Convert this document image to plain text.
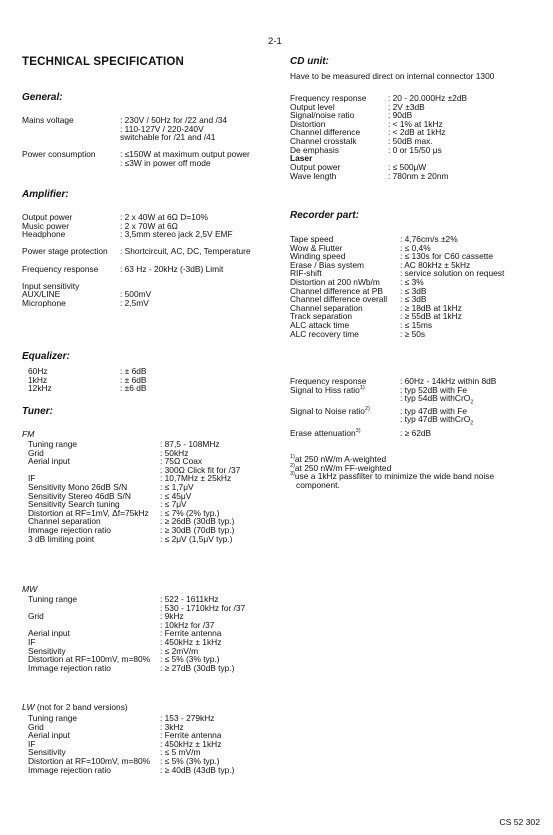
2-1
TECHNICAL SPECIFICATION
General:
Mains voltage	: 230V / 50Hz for /22 and /34
: 110-127V / 220-240V
switchable for /21 and /41
Power consumption	: ≤150W at maximum output power
: ≤3W in power off mode
Amplifier:
Output power	: 2 x 40W at 6Ω D=10%
Music power	: 2 x 70W at 6Ω
Headphone	: 3,5mm stereo jack 2,5V EMF
Power stage protection : Shortcircuit, AC, DC, Temperature
Frequency response	: 63 Hz - 20kHz (-3dB) Limit
Input sensitivity
AUX/LINE	: 500mV
Microphone	: 2,5mV
Equalizer:
60Hz	: ± 6dB
1kHz	: ± 6dB
12kHz	: ±6 dB
Tuner:
FM
Tuning range	: 87,5 - 108MHz
Grid	: 50kHz
Aerial input	: 75Ω Coax
: 300Ω Click fit for /37
IF	: 10,7MHz ± 25kHz
Sensitivity Mono 26dB S/N	: ≤ 1,7μV
Sensitivity Stereo 46dB S/N	: ≤ 45μV
Sensitivity Search tuning	: ≤ 7μV
Distortion at RF=1mV, Δf=75kHz : ≤ 7% (2% typ.)
Channel separation	: ≥ 26dB (30dB typ.)
Immage rejection ratio	: ≥ 30dB (70dB typ.)
3 dB limiting point	: ≤ 2μV (1,5μV typ.)
MW
Tuning range	: 522 - 1611kHz
: 530 - 1710kHz for /37
Grid	: 9kHz
: 10kHz for /37
Aerial input	: Ferrite antenna
IF	: 450kHz ± 1kHz
Sensitivity	: ≤ 2mV/m
Distortion at RF=100mV, m=80% : ≤ 5% (3% typ.)
Immage rejection ratio	: ≥ 27dB (30dB typ.)
LW (not for 2 band versions)
Tuning range	: 153 - 279kHz
Grid	: 3kHz
Aerial input	: Ferrite antenna
IF	: 450kHz ± 1kHz
Sensitivity	: ≤ 5 mV/m
Distortion at RF=100mV, m=80% : ≤ 5% (3% typ.)
Immage rejection ratio	: ≥ 40dB (43dB typ.)
CD unit:
Have to be measured direct on internal connector 1300
Frequency response	: 20 - 20.000Hz ±2dB
Output level	: 2V ±3dB
Signal/noise ratio	: 90dB
Distortion	: < 1% at 1kHz
Channel difference	: < 2dB at 1kHz
Channel crosstalk	: 50dB max.
De emphasis	: 0 or 15/50 μs
Laser
Output power	: ≤ 500μW
Wave length	: 780nm ± 20nm
Recorder part:
Tape speed	: 4,76cm/s ±2%
Wow & Flutter	: ≤ 0,4%
Winding speed	: ≤ 130s for C60 cassette
Erase / Bias system	: AC 80kHz ± 5kHz
RIF-shift	: service solution on request
Distortion at 200 nWb/m : ≤ 3%
Channel difference at PB : ≤ 3dB
Channel difference overall : ≤ 3dB
Channel separation	: ≥ 18dB at 1kHz
Track separation	: ≥ 55dB at 1kHz
ALC attack time	: ≤ 15ms
ALC recovery time	: ≥ 50s
Frequency response	: 60Hz - 14kHz within 8dB
Signal to Hiss ratio$^{1)}$	: typ 52dB with Fe
: typ 54dB withCrO$_2$
Signal to Noise ratio$^{2)}$	: typ 47dB with Fe
: typ 47dB withCrO$_2$
Erase attenuation$^{3)}$	: ≥ 62dB
$^{1)}$at 250 nW/m A-weighted
$^{2)}$at 250 nW/m FF-weighted
$^{3)}$use a 1kHz passfilter to minimize the wide band noise
component.
CS 52 302
